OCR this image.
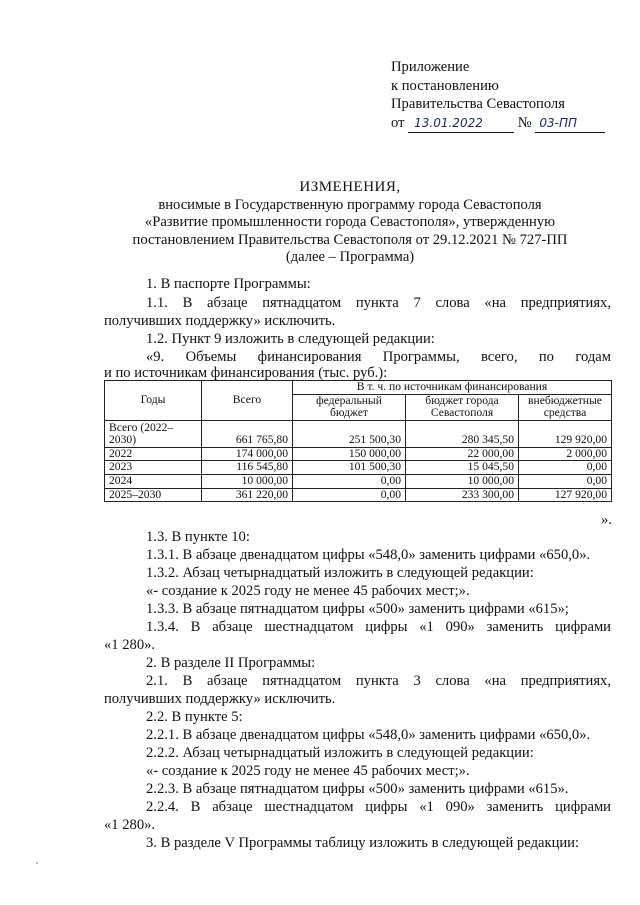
Приложение
к постановлению
Правительства Севастополя
от 13.01.2022 № 03-ПП
ИЗМЕНЕНИЯ,
вносимые в Государственную программу города Севастополя
«Развитие промышленности города Севастополя», утвержденную
постановлением Правительства Севастополя от 29.12.2021 № 727-ПП
(далее – Программа)
1. В паспорте Программы:
1.1. В абзаце пятнадцатом пункта 7 слова «на предприятиях,
получивших поддержку» исключить.
1.2. Пункт 9 изложить в следующей редакции:
«9. Объемы финансирования Программы, всего, по годам
и по источникам финансирования (тыс. руб.):
Годы	Всего	В т. ч. по источникам финансирования		
		федеральный бюджет	бюджет города Севастополя	внебюджетные средства
Всего (2022–2030)	661 765,80	251 500,30	280 345,50	129 920,00
2022	174 000,00	150 000,00	22 000,00	2 000,00
2023	116 545,80	101 500,30	15 045,50	0,00
2024	10 000,00	0,00	10 000,00	0,00
2025–2030	361 220,00	0,00	233 300,00	127 920,00
».
1.3. В пункте 10:
1.3.1. В абзаце двенадцатом цифры «548,0» заменить цифрами «650,0».
1.3.2. Абзац четырнадцатый изложить в следующей редакции:
«- создание к 2025 году не менее 45 рабочих мест;».
1.3.3. В абзаце пятнадцатом цифры «500» заменить цифрами «615»;
1.3.4. В абзаце шестнадцатом цифры «1 090» заменить цифрами
«1 280».
2. В разделе II Программы:
2.1. В абзаце пятнадцатом пункта 3 слова «на предприятиях,
получивших поддержку» исключить.
2.2. В пункте 5:
2.2.1. В абзаце двенадцатом цифры «548,0» заменить цифрами «650,0».
2.2.2. Абзац четырнадцатый изложить в следующей редакции:
«- создание к 2025 году не менее 45 рабочих мест;».
2.2.3. В абзаце пятнадцатом цифры «500» заменить цифрами «615».
2.2.4. В абзаце шестнадцатом цифры «1 090» заменить цифрами
«1 280».
3. В разделе V Программы таблицу изложить в следующей редакции:
